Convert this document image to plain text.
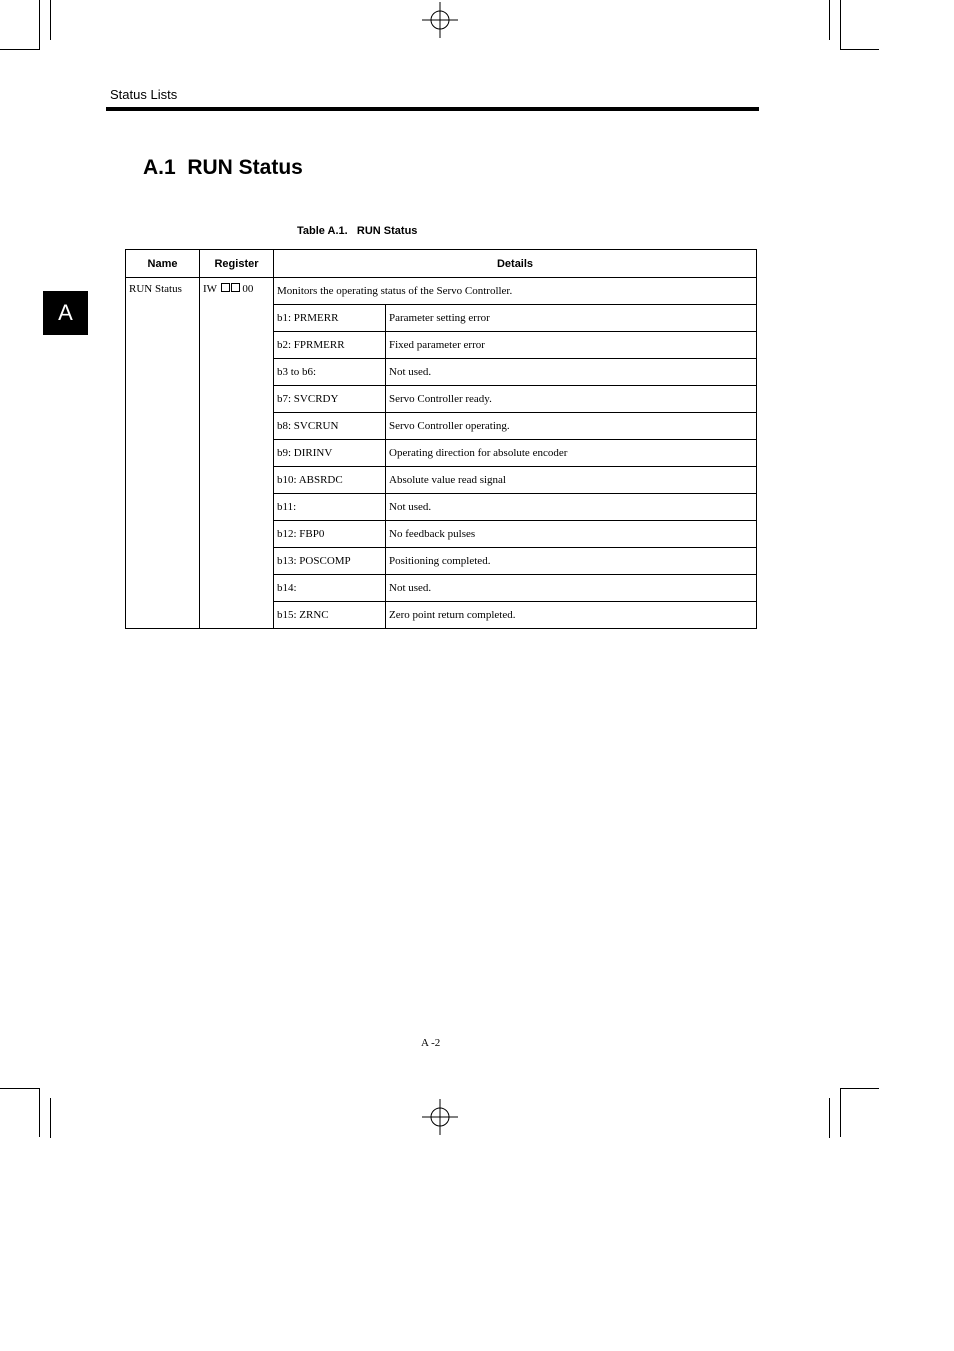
Status Lists
A.1  RUN Status
Table A.1.   RUN Status
A
Name	Register	Details	
RUN Status	IW 00	Monitors the operating status of the Servo Controller.	
		b1: PRMERR	Parameter setting error
		b2: FPRMERR	Fixed parameter error
		b3 to b6:	Not used.
		b7: SVCRDY	Servo Controller ready.
		b8: SVCRUN	Servo Controller operating.
		b9: DIRINV	Operating direction for absolute encoder
		b10: ABSRDC	Absolute value read signal
		b11:	Not used.
		b12: FBP0	No feedback pulses
		b13: POSCOMP	Positioning completed.
		b14:	Not used.
		b15: ZRNC	Zero point return completed.
A -2
